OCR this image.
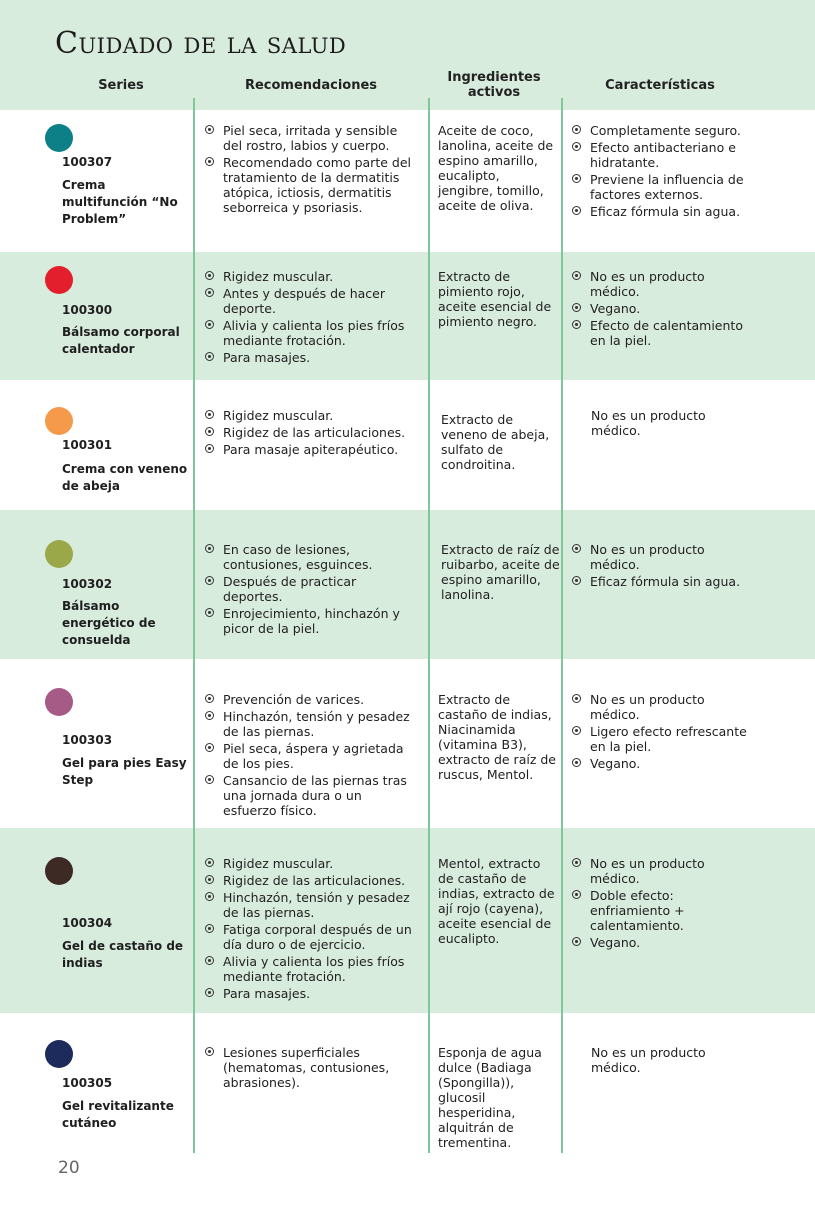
Cuidado de la salud
Series	Recomendaciones
Ingredientes activos	Características
100307
Crema multifunción “No Problem”
Piel seca, irritada y sensible del rostro, labios y cuerpo.
Recomendado como parte del tratamiento de la dermatitis atópica, ictiosis, dermatitis seborreica y psoriasis.
Aceite de coco, lanolina, aceite de espino amarillo, eucalipto, jengibre, tomillo, aceite de oliva.
Completamente seguro.
Efecto antibacteriano e hidratante.
Previene la influencia de factores externos.
Eficaz fórmula sin agua.
100300
Bálsamo corporal calentador
Rigidez muscular.
Antes y después de hacer deporte.
Alivia y calienta los pies fríos mediante frotación.
Para masajes.
Extracto de pimiento rojo, aceite esencial de pimiento negro.
No es un producto médico.
Vegano.
Efecto de calentamiento en la piel.
100301
Crema con veneno de abeja
Rigidez muscular.
Rigidez de las articulaciones.
Para masaje apiterapéutico.
Extracto de veneno de abeja, sulfato de condroitina.
No es un producto médico.
100302
Bálsamo energético de consuelda
En caso de lesiones, contusiones, esguinces.
Después de practicar deportes.
Enrojecimiento, hinchazón y picor de la piel.
Extracto de raíz de ruibarbo, aceite de espino amarillo, lanolina.
No es un producto médico.
Eficaz fórmula sin agua.
100303
Gel para pies Easy Step
Prevención de varices.
Hinchazón, tensión y pesadez de las piernas.
Piel seca, áspera y agrietada de los pies.
Cansancio de las piernas tras una jornada dura o un esfuerzo físico.
Extracto de castaño de indias, Niacinamida (vitamina B3), extracto de raíz de ruscus, Mentol.
No es un producto médico.
Ligero efecto refrescante en la piel.
Vegano.
100304
Gel de castaño de indias
Rigidez muscular.
Rigidez de las articulaciones.
Hinchazón, tensión y pesadez de las piernas.
Fatiga corporal después de un día duro o de ejercicio.
Alivia y calienta los pies fríos mediante frotación.
Para masajes.
Mentol, extracto de castaño de indias, extracto de ají rojo (cayena), aceite esencial de eucalipto.
No es un producto médico.
Doble efecto: enfriamiento + calentamiento.
Vegano.
100305
Gel revitalizante cutáneo
Lesiones superficiales (hematomas, contusiones, abrasiones).
Esponja de agua dulce (Badiaga (Spongilla)), glucosil hesperidina, alquitrán de trementina.
No es un producto médico.
20
